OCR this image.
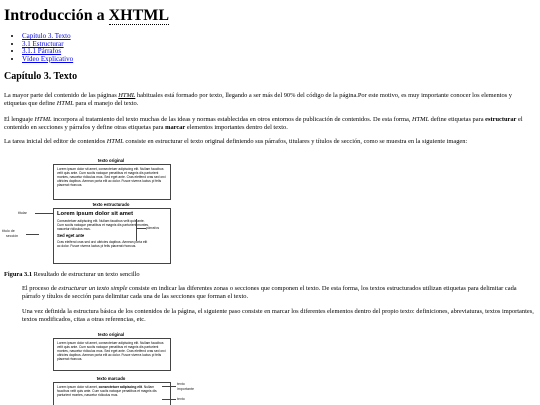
Introducción a XHTML
• Capítulo 3. Texto
• 3.1 Estructurar
• 3.1.1 Párrafos
• Vídeo Explicativo
Capítulo 3. Texto

La mayor parte del contenido de las páginas HTML habituales está formado por texto, llegando a ser más del 90% del código de la página.Por este motivo, es muy importante conocer los elementos y etiquetas que define HTML para el manejo del texto.

El lenguaje HTML incorpora al tratamiento del texto muchas de las ideas y normas establecidas en otros entornos de publicación de contenidos. De esta forma, HTML define etiquetas para estructurar el contenido en secciones y párrafos y define otras etiquetas para marcar elementos importantes dentro del texto.

La tarea inicial del editor de contenidos HTML consiste en estructurar el texto original definiendo sus párrafos, titulares y títulos de sección, como se muestra en la siguiente imagen:

texto original
Lorem ipsum dolor sit amet, consectetuer adipiscing elit. Nullam faucibus velit quis ante. Cum sociis natoque penatibus et magnis dis parturient montes, nascetur ridiculus mus. Sed eget ante. Cras eleifend cras sed orci ultricies dapibus. Aenean porta elit ac dolor. Fusce viverra luctus pi felis placerat rhoncus.
texto estructurado
Lorem ipsum dolor sit amet
Consectetuer adipiscing elit. Nullam faucibus velit quis ante. Cum sociis natoque penatibus et magnis dis parturient montes, nascetur ridiculus mus.
Sed eget ante
Cras eleifend cras sed orci ultricies dapibus. Aenean porta elit ac dolor. Fusce viverra luctus pi felis placerat rhoncus.
titular
título de
sección
párrafos

Figura 3.1 Resultado de estructurar un texto sencillo

El proceso de estructurar un texto simple consiste en indicar las diferentes zonas o secciones que componen el texto. De esta forma, los textos estructurados utilizan etiquetas para delimitar cada párrafo y títulos de sección para delimitar cada una de las secciones que forman el texto.

Una vez definida la estructura básica de los contenidos de la página, el siguiente paso consiste en marcar los diferentes elementos dentro del propio texto: definiciones, abreviaturas, textos importantes, textos modificados, citas a otras referencias, etc.

texto original
Lorem ipsum dolor sit amet, consectetuer adipiscing elit. Nullam faucibus velit quis ante. Cum sociis natoque penatibus et magnis dis parturient montes, nascetur ridiculus mus. Sed eget ante. Cras eleifend cras sed orci ultricies dapibus. Aenean porta elit ac dolor. Fusce viverra luctus pi felis placerat rhoncus.
texto marcado
Lorem ipsum dolor sit amet, consectetuer adipiscing elit. Nullam faucibus velit quis ante. Cum sociis natoque penatibus et magnis dis parturient montes, nascetur ridiculus mus.
texto
importante
texto
